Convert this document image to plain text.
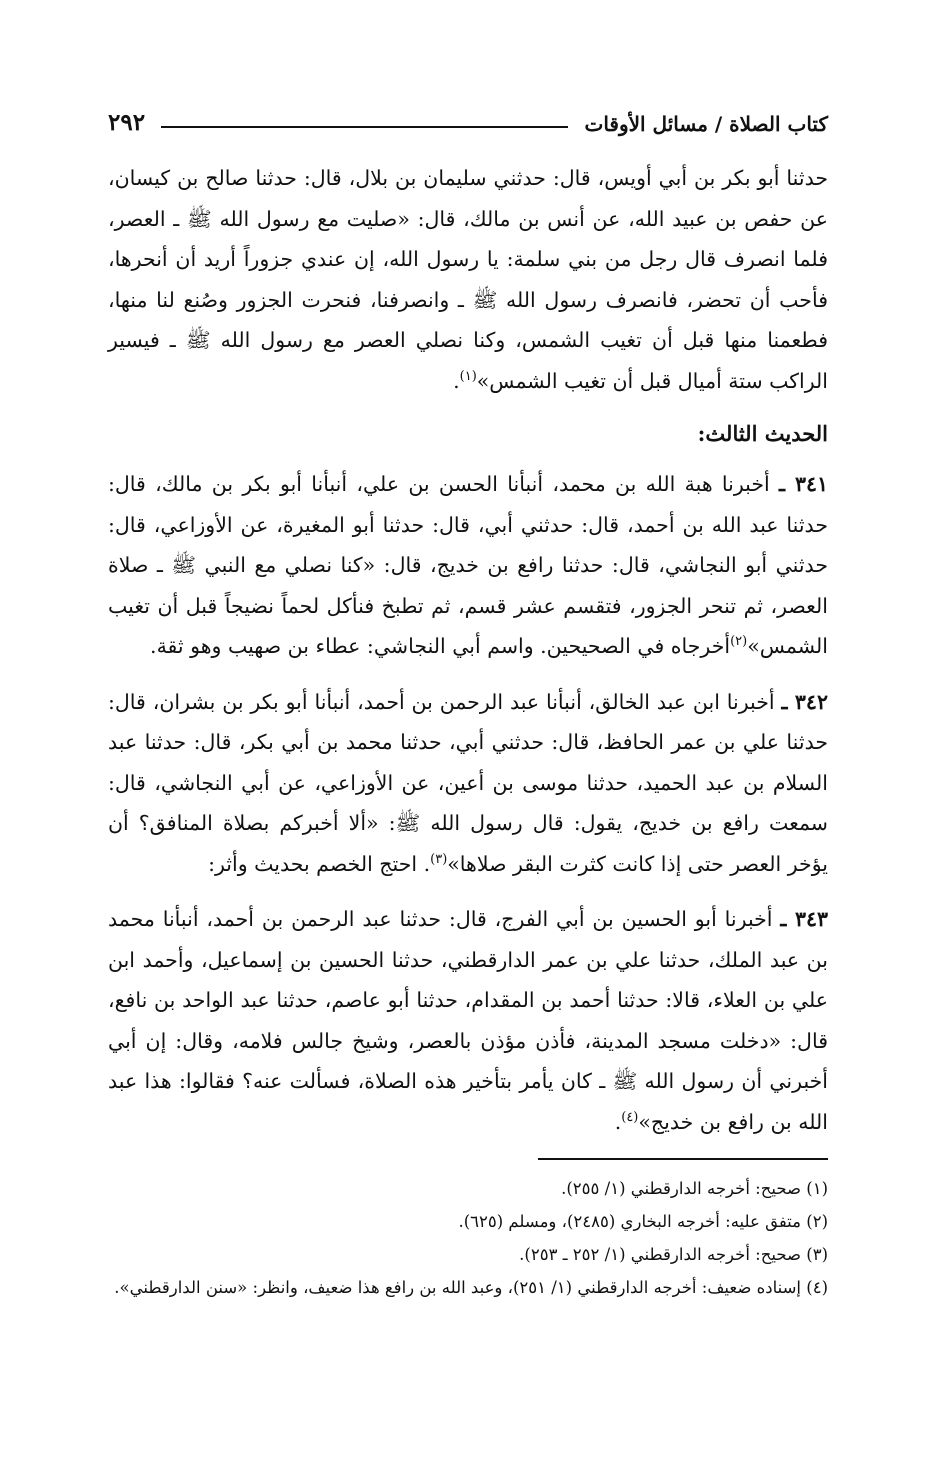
كتاب الصلاة / مسائل الأوقات
٢٩٢

حدثنا أبو بكر بن أبي أويس، قال: حدثني سليمان بن بلال، قال: حدثنا صالح بن كيسان، عن حفص بن عبيد الله، عن أنس بن مالك، قال: «صليت مع رسول الله ﷺ ـ العصر، فلما انصرف قال رجل من بني سلمة: يا رسول الله، إن عندي جزوراً أريد أن أنحرها، فأحب أن تحضر، فانصرف رسول الله ﷺ ـ وانصرفنا، فنحرت الجزور وصُنع لنا منها، فطعمنا منها قبل أن تغيب الشمس، وكنا نصلي العصر مع رسول الله ﷺ ـ فيسير الراكب ستة أميال قبل أن تغيب الشمس»$^{(١)}$.

الحديث الثالث:

٣٤١ ـ أخبرنا هبة الله بن محمد، أنبأنا الحسن بن علي، أنبأنا أبو بكر بن مالك، قال: حدثنا عبد الله بن أحمد، قال: حدثني أبي، قال: حدثنا أبو المغيرة، عن الأوزاعي، قال: حدثني أبو النجاشي، قال: حدثنا رافع بن خديج، قال: «كنا نصلي مع النبي ﷺ ـ صلاة العصر، ثم تنحر الجزور، فتقسم عشر قسم، ثم تطبخ فنأكل لحماً نضيجاً قبل أن تغيب الشمس»$^{(٢)}$أخرجاه في الصحيحين. واسم أبي النجاشي: عطاء بن صهيب وهو ثقة.

٣٤٢ ـ أخبرنا ابن عبد الخالق، أنبأنا عبد الرحمن بن أحمد، أنبأنا أبو بكر بن بشران، قال: حدثنا علي بن عمر الحافظ، قال: حدثني أبي، حدثنا محمد بن أبي بكر، قال: حدثنا عبد السلام بن عبد الحميد، حدثنا موسى بن أعين، عن الأوزاعي، عن أبي النجاشي، قال: سمعت رافع بن خديج، يقول: قال رسول الله ﷺ: «ألا أخبركم بصلاة المنافق؟ أن يؤخر العصر حتى إذا كانت كثرت البقر صلاها»$^{(٣)}$. احتج الخصم بحديث وأثر:

٣٤٣ ـ أخبرنا أبو الحسين بن أبي الفرج، قال: حدثنا عبد الرحمن بن أحمد، أنبأنا محمد بن عبد الملك، حدثنا علي بن عمر الدارقطني، حدثنا الحسين بن إسماعيل، وأحمد ابن علي بن العلاء، قالا: حدثنا أحمد بن المقدام، حدثنا أبو عاصم، حدثنا عبد الواحد بن نافع، قال: «دخلت مسجد المدينة، فأذن مؤذن بالعصر، وشيخ جالس فلامه، وقال: إن أبي أخبرني أن رسول الله ﷺ ـ كان يأمر بتأخير هذه الصلاة، فسألت عنه؟ فقالوا: هذا عبد الله بن رافع بن خديج»$^{(٤)}$.

(١) صحيح: أخرجه الدارقطني (١/ ٢٥٥).

(٢) متفق عليه: أخرجه البخاري (٢٤٨٥)، ومسلم (٦٢٥).

(٣) صحيح: أخرجه الدارقطني (١/ ٢٥٢ ـ ٢٥٣).

(٤) إسناده ضعيف: أخرجه الدارقطني (١/ ٢٥١)، وعبد الله بن رافع هذا ضعيف، وانظر: «سنن الدارقطني».
